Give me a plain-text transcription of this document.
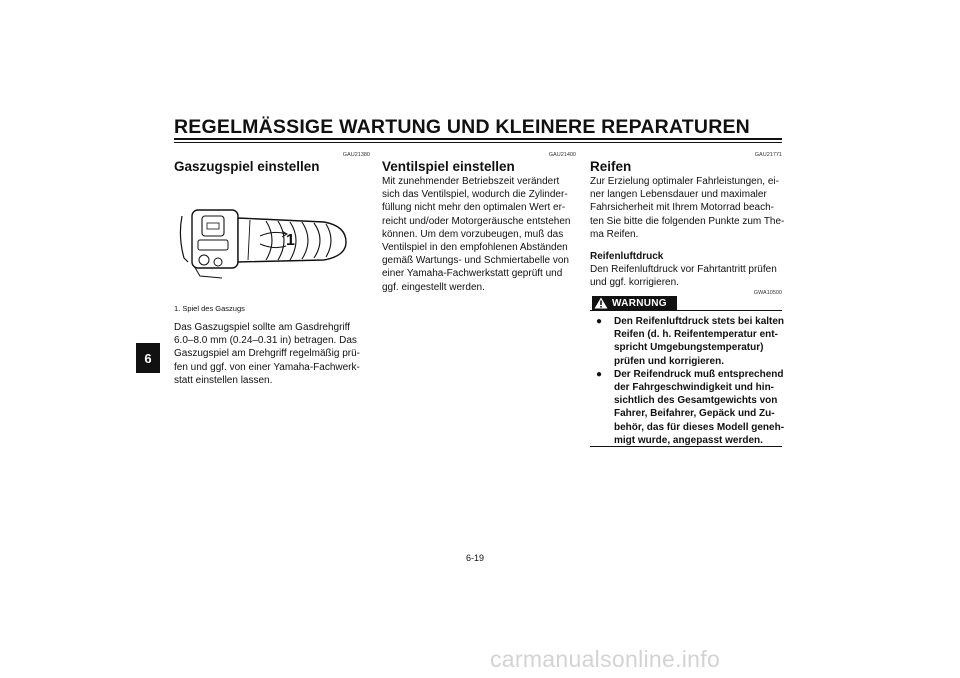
REGELMÄSSIGE WARTUNG UND KLEINERE REPARATUREN
6
GAU21380
Gaszugspiel einstellen
1
1. Spiel des Gaszugs
Das Gaszugspiel sollte am Gasdrehgriff
6.0–8.0 mm (0.24–0.31 in) betragen. Das
Gaszugspiel am Drehgriff regelmäßig prü-
fen und ggf. von einer Yamaha-Fachwerk-
statt einstellen lassen.
GAU21400
Ventilspiel einstellen
Mit zunehmender Betriebszeit verändert
sich das Ventilspiel, wodurch die Zylinder-
füllung nicht mehr den optimalen Wert er-
reicht und/oder Motorgeräusche entstehen
können. Um dem vorzubeugen, muß das
Ventilspiel in den empfohlenen Abständen
gemäß Wartungs- und Schmiertabelle von
einer Yamaha-Fachwerkstatt geprüft und
ggf. eingestellt werden.
GAU21771
Reifen
Zur Erzielung optimaler Fahrleistungen, ei-
ner langen Lebensdauer und maximaler
Fahrsicherheit mit Ihrem Motorrad beach-
ten Sie bitte die folgenden Punkte zum The-
ma Reifen.
Reifenluftdruck
Den Reifenluftdruck vor Fahrtantritt prüfen
und ggf. korrigieren.
GWA10500
WARNUNG
●	Den Reifenluftdruck stets bei kalten
Reifen (d. h. Reifentemperatur ent-
spricht Umgebungstemperatur)
prüfen und korrigieren.
●	Der Reifendruck muß entsprechend
der Fahrgeschwindigkeit und hin-
sichtlich des Gesamtgewichts von
Fahrer, Beifahrer, Gepäck und Zu-
behör, das für dieses Modell geneh-
migt wurde, angepasst werden.
6-19
carmanualsonline.info
